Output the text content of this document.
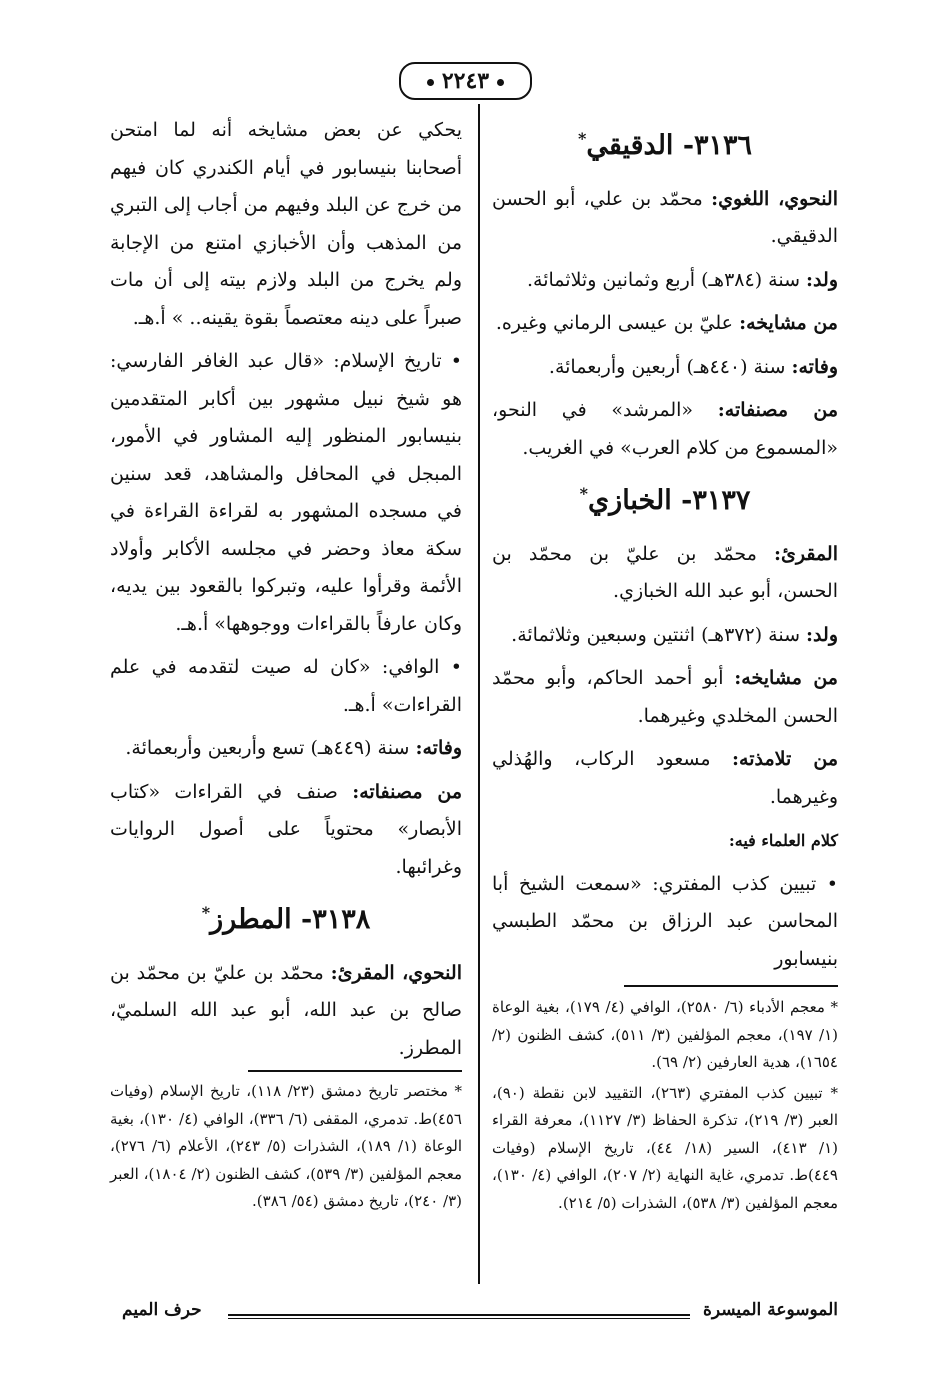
٢٢٤٣
٣١٣٦- الدقيقي*

النحوي، اللغوي: محمّد بن علي، أبو الحسن الدقيقي.

ولد: سنة (٣٨٤هـ) أربع وثمانين وثلاثمائة.

من مشايخه: عليّ بن عيسى الرماني وغيره.

وفاته: سنة (٤٤٠هـ) أربعين وأربعمائة.

من مصنفاته: «المرشد» في النحو، «المسموع من كلام العرب» في الغريب.

٣١٣٧- الخبازي*

المقرئ: محمّد بن عليّ بن محمّد بن الحسن، أبو عبد الله الخبازي.

ولد: سنة (٣٧٢هـ) اثنتين وسبعين وثلاثمائة.

من مشايخه: أبو أحمد الحاكم، وأبو محمّد الحسن المخلدي وغيرهما.

من تلامذته: مسعود الركاب، والهُذلي وغيرهما.

كلام العلماء فيه:

• تبيين كذب المفتري: «سمعت الشيخ أبا المحاسن عبد الرزاق بن محمّد الطبسي بنيسابور

يحكي عن بعض مشايخه أنه لما امتحن أصحابنا بنيسابور في أيام الكندري كان فيهم من خرج عن البلد وفيهم من أجاب إلى التبري من المذهب وأن الأخبازي امتنع من الإجابة ولم يخرج من البلد ولازم بيته إلى أن مات صبراً على دينه معتصماً بقوة يقينه.. » أ.هـ.

• تاريخ الإسلام: «قال عبد الغافر الفارسي: هو شيخ نبيل مشهور بين أكابر المتقدمين بنيسابور المنظور إليه المشاور في الأمور، المبجل في المحافل والمشاهد، قعد سنين في مسجده المشهور به لقراءة القراءة في سكة معاذ وحضر في مجلسه الأكابر وأولاد الأئمة وقرأوا عليه، وتبركوا بالقعود بين يديه، وكان عارفاً بالقراءات ووجوهها» أ.هـ.

• الوافي: «كان له صيت لتقدمه في علم القراءات» أ.هـ.

وفاته: سنة (٤٤٩هـ) تسع وأربعين وأربعمائة.

من مصنفاته: صنف في القراءات «كتاب الأبصار» محتوياً على أصول الروايات وغرائبها.

٣١٣٨- المطرز*

النحوي، المقرئ: محمّد بن عليّ بن محمّد بن صالح بن عبد الله، أبو عبد الله السلميّ، المطرز.

* مختصر تاريخ دمشق (٢٣/ ١١٨)، تاريخ الإسلام (وفيات ٤٥٦)ط. تدمري، المقفى (٦/ ٣٣٦)، الوافي (٤/ ١٣٠)، بغية الوعاة (١/ ١٨٩)، الشذرات (٥/ ٢٤٣)، الأعلام (٦/ ٢٧٦)، معجم المؤلفين (٣/ ٥٣٩)، كشف الظنون (٢/ ١٨٠٤)، العبر (٣/ ٢٤٠)، تاريخ دمشق (٥٤/ ٣٨٦).

* معجم الأدباء (٦/ ٢٥٨٠)، الوافي (٤/ ١٧٩)، بغية الوعاة (١/ ١٩٧)، معجم المؤلفين (٣/ ٥١١)، كشف الظنون (٢/ ١٦٥٤)، هدية العارفين (٢/ ٦٩).

* تبيين كذب المفتري (٢٦٣)، التقييد لابن نقطة (٩٠)، العبر (٣/ ٢١٩)، تذكرة الحفاظ (٣/ ١١٢٧)، معرفة القراء (١/ ٤١٣)، السير (١٨/ ٤٤)، تاريخ الإسلام (وفيات ٤٤٩)ط. تدمري، غاية النهاية (٢/ ٢٠٧)، الوافي (٤/ ١٣٠)، معجم المؤلفين (٣/ ٥٣٨)، الشذرات (٥/ ٢١٤).

الموسوعة الميسرة
حرف الميم
